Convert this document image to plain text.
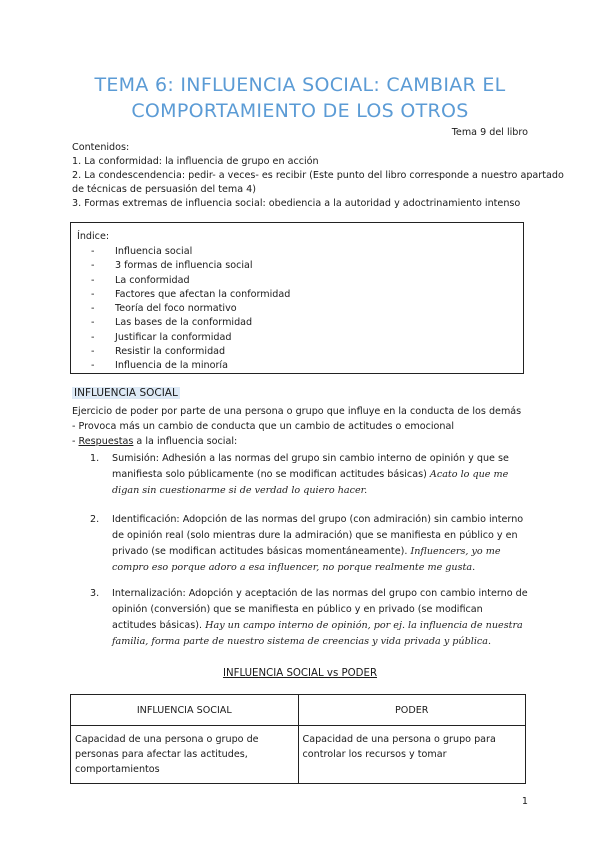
TEMA 6: INFLUENCIA SOCIAL: CAMBIAR EL
COMPORTAMIENTO DE LOS OTROS
Tema 9 del libro
Contenidos:
1. La conformidad: la influencia de grupo en acción
2. La condescendencia: pedir- a veces- es recibir (Este punto del libro corresponde a nuestro apartado
de técnicas de persuasión del tema 4)
3. Formas extremas de influencia social: obediencia a la autoridad y adoctrinamiento intenso
Índice:
-	Influencia social
-	3 formas de influencia social
-	La conformidad
-	Factores que afectan la conformidad
-	Teoría del foco normativo
-	Las bases de la conformidad
-	Justificar la conformidad
-	Resistir la conformidad
-	Influencia de la minoría
INFLUENCIA SOCIAL
Ejercicio de poder por parte de una persona o grupo que influye en la conducta de los demás
- Provoca más un cambio de conducta que un cambio de actitudes o emocional
- Respuestas a la influencia social:
1. Sumisión: Adhesión a las normas del grupo sin cambio interno de opinión y que se manifiesta solo públicamente (no se modifican actitudes básicas) Acato lo que me digan sin cuestionarme si de verdad lo quiero hacer.
2. Identificación: Adopción de las normas del grupo (con admiración) sin cambio interno de opinión real (solo mientras dure la admiración) que se manifiesta en público y en privado (se modifican actitudes básicas momentáneamente). Influencers, yo me compro eso porque adoro a esa influencer, no porque realmente me gusta.
3. Internalización: Adopción y aceptación de las normas del grupo con cambio interno de opinión (conversión) que se manifiesta en público y en privado (se modifican actitudes básicas). Hay un campo interno de opinión, por ej. la influencia de nuestra familia, forma parte de nuestro sistema de creencias y vida privada y pública.
INFLUENCIA SOCIAL vs PODER
INFLUENCIA SOCIAL	PODER
Capacidad de una persona o grupo de personas para afectar las actitudes, comportamientos	Capacidad de una persona o grupo para controlar los recursos y tomar
1
